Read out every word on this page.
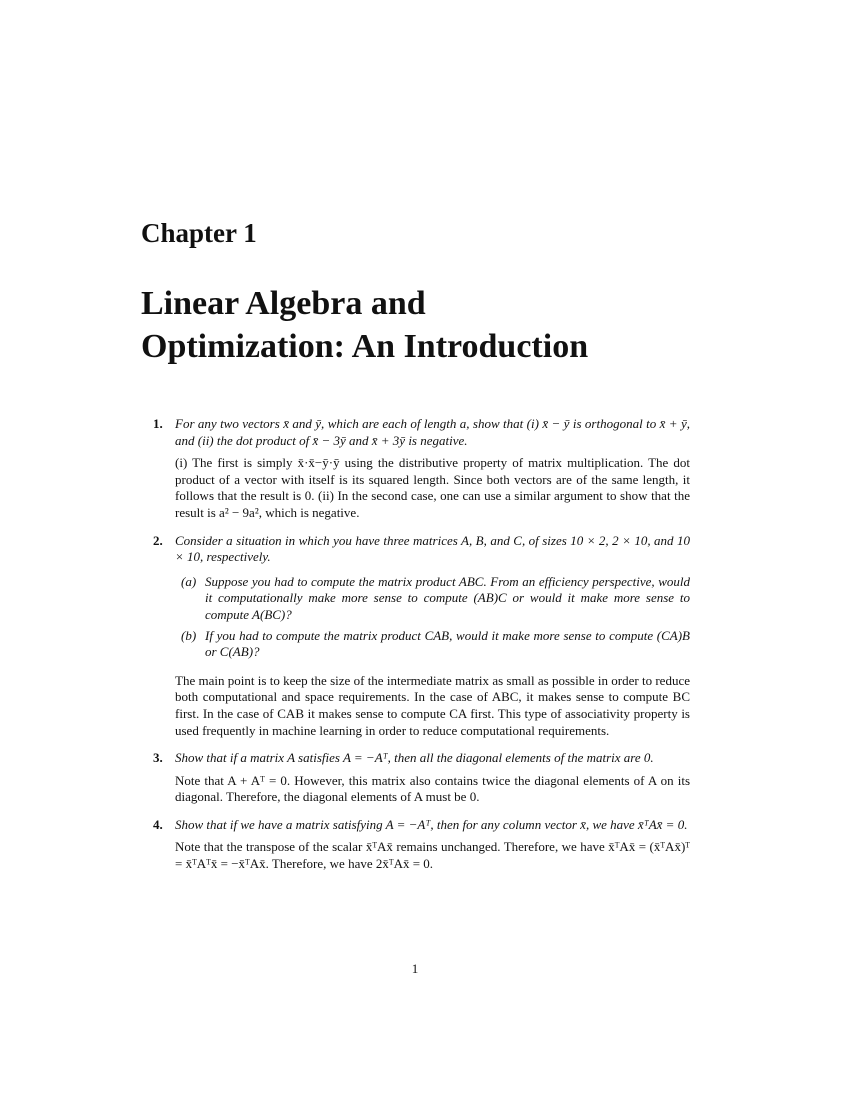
Chapter 1
Linear Algebra and
Optimization: An Introduction
1. For any two vectors x̄ and ȳ, which are each of length a, show that (i) x̄ − ȳ is orthogonal to x̄ + ȳ, and (ii) the dot product of x̄ − 3ȳ and x̄ + 3ȳ is negative.
(i) The first is simply x̄·x̄−ȳ·ȳ using the distributive property of matrix multiplication. The dot product of a vector with itself is its squared length. Since both vectors are of the same length, it follows that the result is 0. (ii) In the second case, one can use a similar argument to show that the result is a² − 9a², which is negative.
2. Consider a situation in which you have three matrices A, B, and C, of sizes 10 × 2, 2 × 10, and 10 × 10, respectively.
(a) Suppose you had to compute the matrix product ABC. From an efficiency perspective, would it computationally make more sense to compute (AB)C or would it make more sense to compute A(BC)?
(b) If you had to compute the matrix product CAB, would it make more sense to compute (CA)B or C(AB)?
The main point is to keep the size of the intermediate matrix as small as possible in order to reduce both computational and space requirements. In the case of ABC, it makes sense to compute BC first. In the case of CAB it makes sense to compute CA first. This type of associativity property is used frequently in machine learning in order to reduce computational requirements.
3. Show that if a matrix A satisfies A = −Aᵀ, then all the diagonal elements of the matrix are 0.
Note that A + Aᵀ = 0. However, this matrix also contains twice the diagonal elements of A on its diagonal. Therefore, the diagonal elements of A must be 0.
4. Show that if we have a matrix satisfying A = −Aᵀ, then for any column vector x̄, we have x̄ᵀAx̄ = 0.
Note that the transpose of the scalar x̄ᵀAx̄ remains unchanged. Therefore, we have x̄ᵀAx̄ = (x̄ᵀAx̄)ᵀ = x̄ᵀAᵀx̄ = −x̄ᵀAx̄. Therefore, we have 2x̄ᵀAx̄ = 0.
1
